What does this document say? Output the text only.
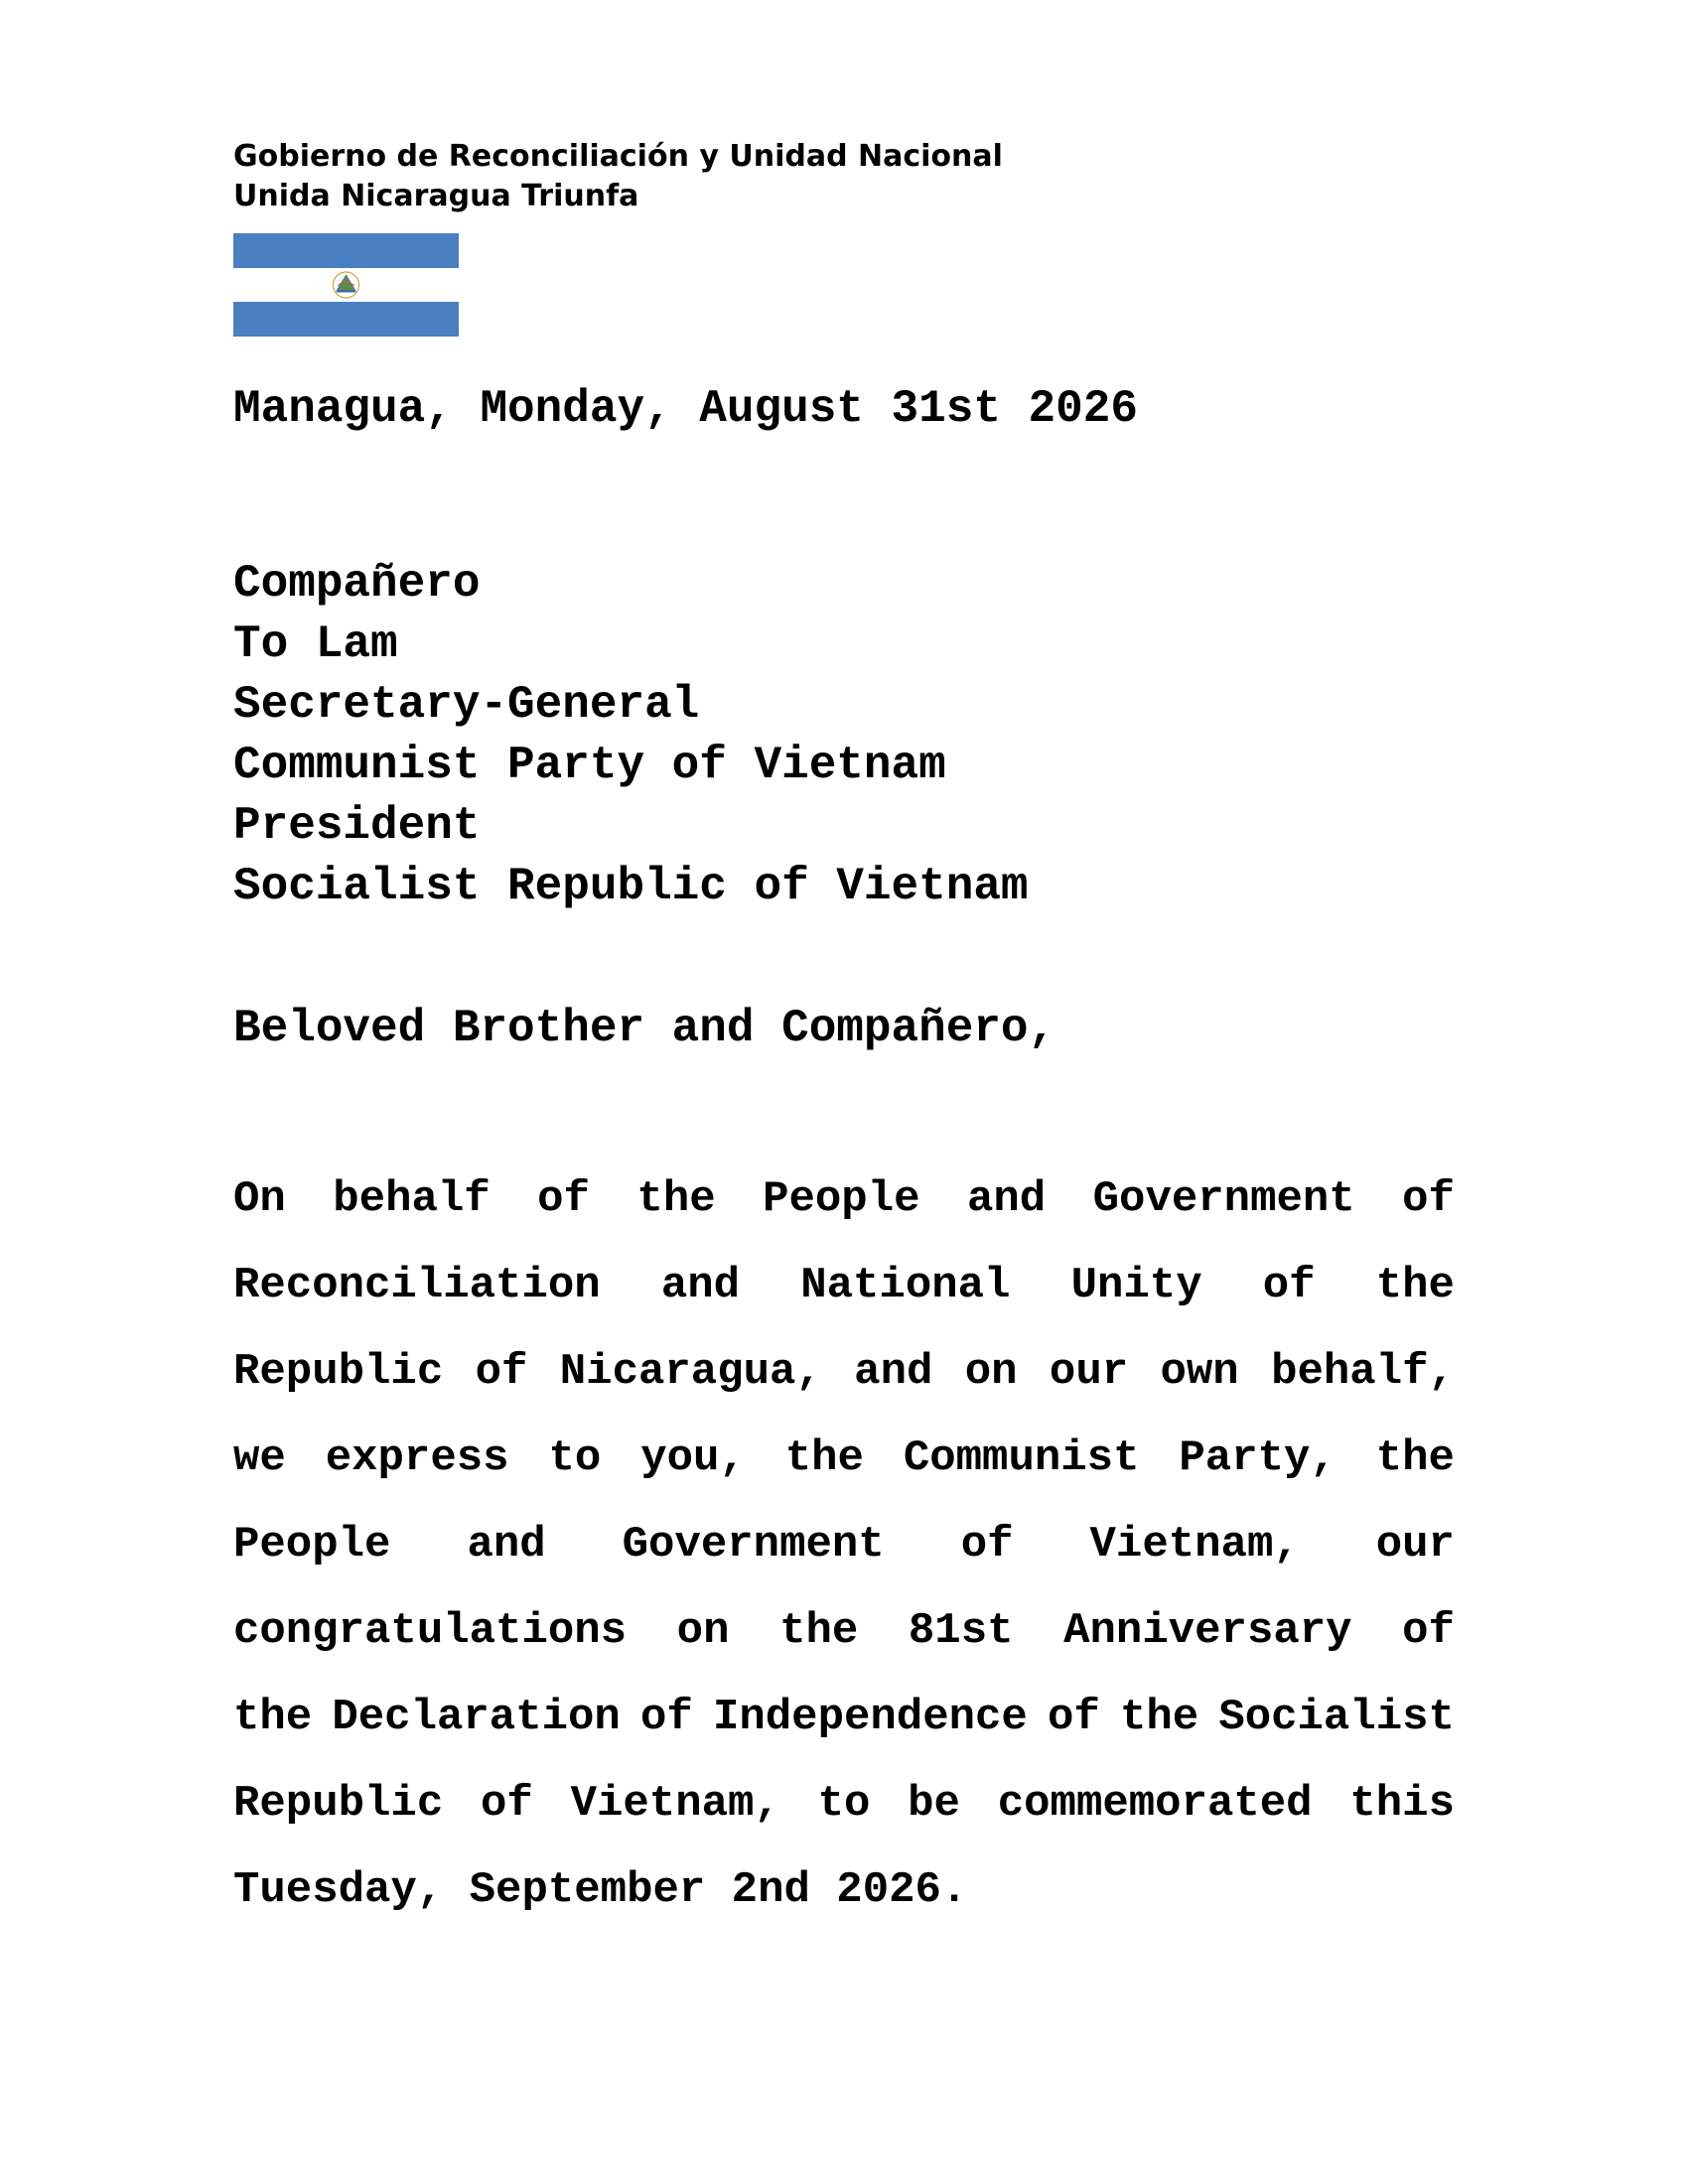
Gobierno de Reconciliación y Unidad Nacional
Unida Nicaragua Triunfa
Managua, Monday, August 31st 2026
Compañero
To Lam
Secretary-General
Communist Party of Vietnam
President
Socialist Republic of Vietnam
Beloved Brother and Compañero,
On behalf of the People and Government of
Reconciliation and National Unity of the
Republic of Nicaragua, and on our own behalf,
we express to you, the Communist Party, the
People and Government of Vietnam, our
congratulations on the 81st Anniversary of
the Declaration of Independence of the Socialist
Republic of Vietnam, to be commemorated this
Tuesday, September 2nd 2026.
